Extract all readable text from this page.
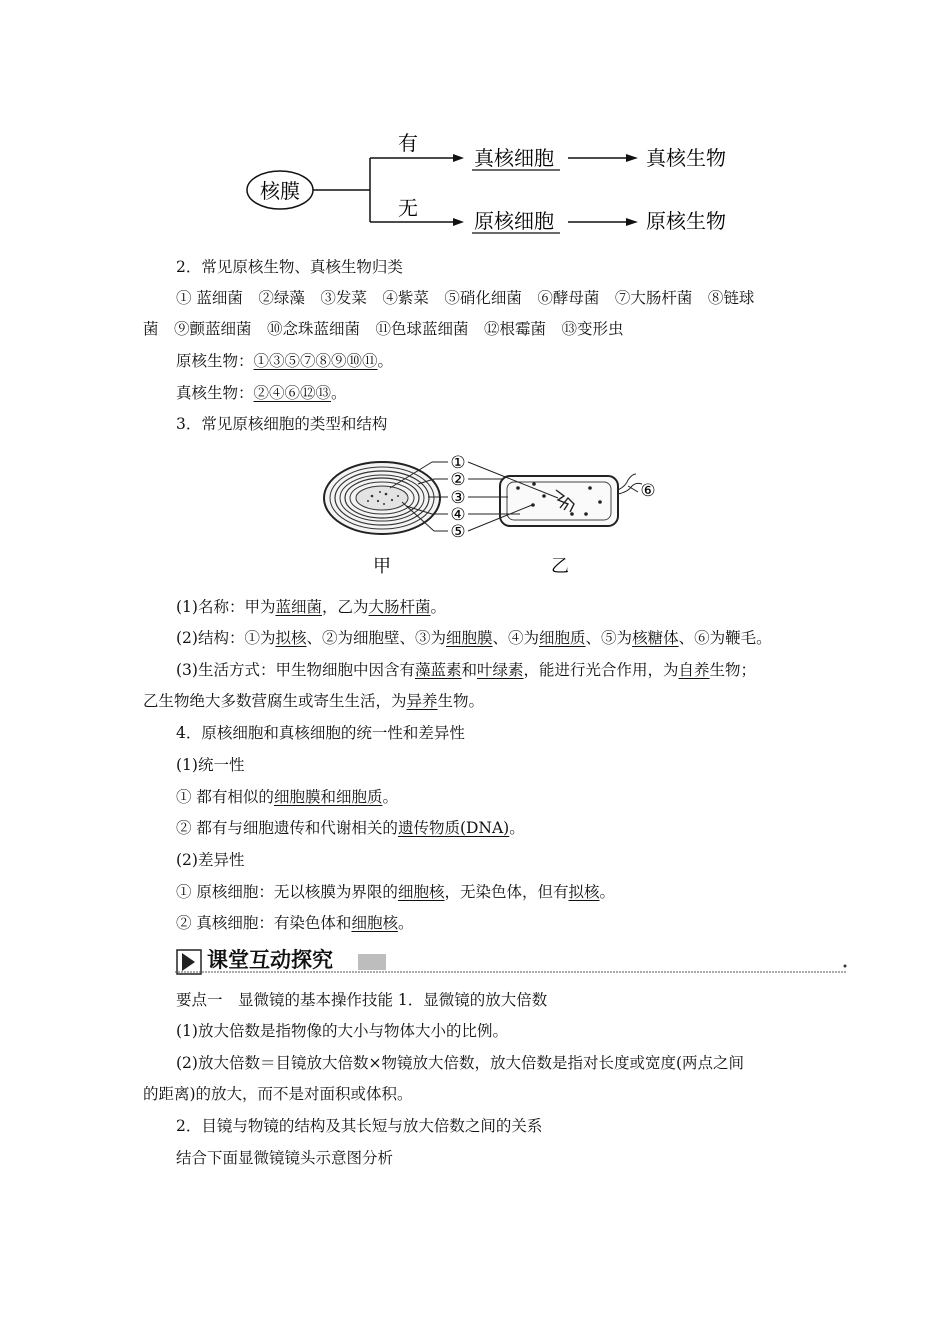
核膜
有
无
真核细胞
原核细胞
真核生物
原核生物
2．常见原核生物、真核生物归类
① 蓝细菌　②绿藻　③发菜　④紫菜　⑤硝化细菌　⑥酵母菌　⑦大肠杆菌　⑧链球
菌　⑨颤蓝细菌　⑩念珠蓝细菌　⑪色球蓝细菌　⑫根霉菌　⑬变形虫
原核生物：①③⑤⑦⑧⑨⑩⑪。
真核生物：②④⑥⑫⑬。
3．常见原核细胞的类型和结构
①
②
③
④
⑤
⑥
甲	乙
(1)名称：甲为蓝细菌，乙为大肠杆菌。
(2)结构：①为拟核、②为细胞壁、③为细胞膜、④为细胞质、⑤为核糖体、⑥为鞭毛。
(3)生活方式：甲生物细胞中因含有藻蓝素和叶绿素，能进行光合作用，为自养生物；
乙生物绝大多数营腐生或寄生生活，为异养生物。
4．原核细胞和真核细胞的统一性和差异性
(1)统一性
① 都有相似的细胞膜和细胞质。
② 都有与细胞遗传和代谢相关的遗传物质(DNA)。
(2)差异性
① 原核细胞：无以核膜为界限的细胞核，无染色体，但有拟核。
② 真核细胞：有染色体和细胞核。
课堂互动探究
要点一　显微镜的基本操作技能 1．显微镜的放大倍数
(1)放大倍数是指物像的大小与物体大小的比例。
(2)放大倍数＝目镜放大倍数×物镜放大倍数，放大倍数是指对长度或宽度(两点之间
的距离)的放大，而不是对面积或体积。
2．目镜与物镜的结构及其长短与放大倍数之间的关系
结合下面显微镜镜头示意图分析
